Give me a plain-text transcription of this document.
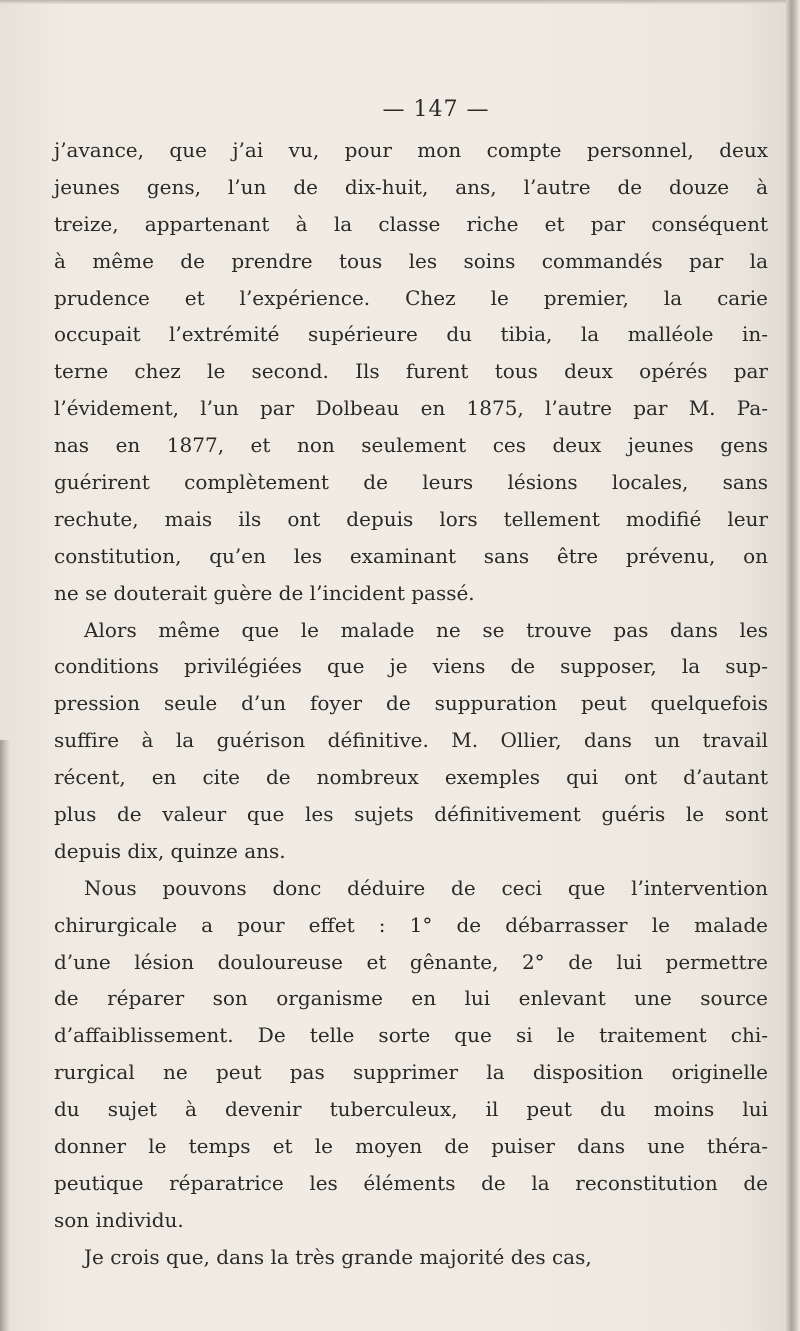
— 147 —
j’avance, que j’ai vu, pour mon compte personnel, deux
jeunes gens, l’un de dix-huit, ans, l’autre de douze à
treize, appartenant à la classe riche et par conséquent
à même de prendre tous les soins commandés par la
prudence et l’expérience. Chez le premier, la carie
occupait l’extrémité supérieure du tibia, la malléole in-
terne chez le second. Ils furent tous deux opérés par
l’évidement, l’un par Dolbeau en 1875, l’autre par M. Pa-
nas en 1877, et non seulement ces deux jeunes gens
guérirent complètement de leurs lésions locales, sans
rechute, mais ils ont depuis lors tellement modifié leur
constitution, qu’en les examinant sans être prévenu, on
ne se douterait guère de l’incident passé.
Alors même que le malade ne se trouve pas dans les
conditions privilégiées que je viens de supposer, la sup-
pression seule d’un foyer de suppuration peut quelquefois
suffire à la guérison définitive. M. Ollier, dans un travail
récent, en cite de nombreux exemples qui ont d’autant
plus de valeur que les sujets définitivement guéris le sont
depuis dix, quinze ans.
Nous pouvons donc déduire de ceci que l’intervention
chirurgicale a pour effet : 1° de débarrasser le malade
d’une lésion douloureuse et gênante, 2° de lui permettre
de réparer son organisme en lui enlevant une source
d’affaiblissement. De telle sorte que si le traitement chi-
rurgical ne peut pas supprimer la disposition originelle
du sujet à devenir tuberculeux, il peut du moins lui
donner le temps et le moyen de puiser dans une théra-
peutique réparatrice les éléments de la reconstitution de
son individu.
Je crois que, dans la très grande majorité des cas,
